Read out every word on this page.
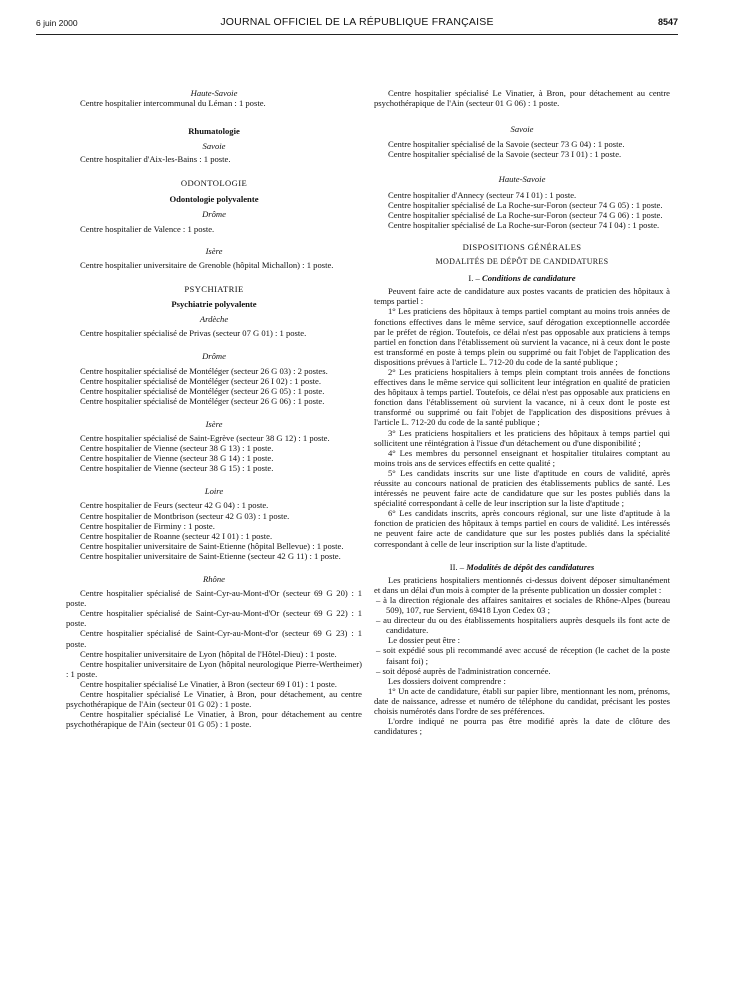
6 juin 2000	JOURNAL OFFICIEL DE LA RÉPUBLIQUE FRANÇAISE	8547
Haute-Savoie

Centre hospitalier intercommunal du Léman : 1 poste.

Rhumatologie
Savoie

Centre hospitalier d'Aix-les-Bains : 1 poste.

ODONTOLOGIE
Odontologie polyvalente
Drôme

Centre hospitalier de Valence : 1 poste.

Isère

Centre hospitalier universitaire de Grenoble (hôpital Michallon) : 1 poste.

PSYCHIATRIE
Psychiatrie polyvalente
Ardèche

Centre hospitalier spécialisé de Privas (secteur 07 G 01) : 1 poste.

Drôme

Centre hospitalier spécialisé de Montéléger (secteur 26 G 03) : 2 postes.

Centre hospitalier spécialisé de Montéléger (secteur 26 I 02) : 1 poste.

Centre hospitalier spécialisé de Montéléger (secteur 26 G 05) : 1 poste.

Centre hospitalier spécialisé de Montéléger (secteur 26 G 06) : 1 poste.

Isère

Centre hospitalier spécialisé de Saint-Egrève (secteur 38 G 12) : 1 poste.

Centre hospitalier de Vienne (secteur 38 G 13) : 1 poste.

Centre hospitalier de Vienne (secteur 38 G 14) : 1 poste.

Centre hospitalier de Vienne (secteur 38 G 15) : 1 poste.

Loire

Centre hospitalier de Feurs (secteur 42 G 04) : 1 poste.

Centre hospitalier de Montbrison (secteur 42 G 03) : 1 poste.

Centre hospitalier de Firminy : 1 poste.

Centre hospitalier de Roanne (secteur 42 I 01) : 1 poste.

Centre hospitalier universitaire de Saint-Etienne (hôpital Bellevue) : 1 poste.

Centre hospitalier universitaire de Saint-Etienne (secteur 42 G 11) : 1 poste.

Rhône

Centre hospitalier spécialisé de Saint-Cyr-au-Mont-d'Or (secteur 69 G 20) : 1 poste.

Centre hospitalier spécialisé de Saint-Cyr-au-Mont-d'Or (secteur 69 G 22) : 1 poste.

Centre hospitalier spécialisé de Saint-Cyr-au-Mont-d'or (secteur 69 G 23) : 1 poste.

Centre hospitalier universitaire de Lyon (hôpital de l'Hôtel-Dieu) : 1 poste.

Centre hospitalier universitaire de Lyon (hôpital neurologique Pierre-Wertheimer) : 1 poste.

Centre hospitalier spécialisé Le Vinatier, à Bron (secteur 69 I 01) : 1 poste.

Centre hospitalier spécialisé Le Vinatier, à Bron, pour détachement, au centre psychothérapique de l'Ain (secteur 01 G 02) : 1 poste.

Centre hospitalier spécialisé Le Vinatier, à Bron, pour détachement au centre psychothérapique de l'Ain (secteur 01 G 05) : 1 poste.

Centre hospitalier spécialisé Le Vinatier, à Bron, pour détachement au centre psychothérapique de l'Ain (secteur 01 G 06) : 1 poste.

Savoie

Centre hospitalier spécialisé de la Savoie (secteur 73 G 04) : 1 poste.

Centre hospitalier spécialisé de la Savoie (secteur 73 I 01) : 1 poste.

Haute-Savoie

Centre hospitalier d'Annecy (secteur 74 I 01) : 1 poste.

Centre hospitalier spécialisé de La Roche-sur-Foron (secteur 74 G 05) : 1 poste.

Centre hospitalier spécialisé de La Roche-sur-Foron (secteur 74 G 06) : 1 poste.

Centre hospitalier spécialisé de La Roche-sur-Foron (secteur 74 I 04) : 1 poste.

DISPOSITIONS GÉNÉRALES
MODALITÉS DE DÉPÔT DE CANDIDATURES
I. – Conditions de candidature

Peuvent faire acte de candidature aux postes vacants de praticien des hôpitaux à temps partiel :

1° Les praticiens des hôpitaux à temps partiel comptant au moins trois années de fonctions effectives dans le même service, sauf dérogation exceptionnelle accordée par le préfet de région. Toutefois, ce délai n'est pas opposable aux praticiens à temps partiel en fonction dans l'établissement où survient la vacance, ni à ceux dont le poste est transformé en poste à temps plein ou supprimé ou fait l'objet de l'application des dispositions prévues à l'article L. 712-20 du code de la santé publique ;

2° Les praticiens hospitaliers à temps plein comptant trois années de fonctions effectives dans le même service qui sollicitent leur intégration en qualité de praticien des hôpitaux à temps partiel. Toutefois, ce délai n'est pas opposable aux praticiens en fonction dans l'établissement où survient la vacance, ni à ceux dont le poste est transformé ou supprimé ou fait l'objet de l'application des dispositions prévues à l'article L. 712-20 du code de la santé publique ;

3° Les praticiens hospitaliers et les praticiens des hôpitaux à temps partiel qui sollicitent une réintégration à l'issue d'un détachement ou d'une disponibilité ;

4° Les membres du personnel enseignant et hospitalier titulaires comptant au moins trois ans de services effectifs en cette qualité ;

5° Les candidats inscrits sur une liste d'aptitude en cours de validité, après réussite au concours national de praticien des établissements publics de santé. Les intéressés ne peuvent faire acte de candidature que sur les postes publiés dans la spécialité correspondant à celle de leur inscription sur la liste d'aptitude ;

6° Les candidats inscrits, après concours régional, sur une liste d'aptitude à la fonction de praticien des hôpitaux à temps partiel en cours de validité. Les intéressés ne peuvent faire acte de candidature que sur les postes publiés dans la spécialité correspondant à celle de leur inscription sur la liste d'aptitude.

II. – Modalités de dépôt des candidatures

Les praticiens hospitaliers mentionnés ci-dessus doivent déposer simultanément et dans un délai d'un mois à compter de la présente publication un dossier complet :

– à la direction régionale des affaires sanitaires et sociales de Rhône-Alpes (bureau 509), 107, rue Servient, 69418 Lyon Cedex 03 ;
– au directeur du ou des établissements hospitaliers auprès desquels ils font acte de candidature.

Le dossier peut être :

– soit expédié sous pli recommandé avec accusé de réception (le cachet de la poste faisant foi) ;
– soit déposé auprès de l'administration concernée.

Les dossiers doivent comprendre :

1° Un acte de candidature, établi sur papier libre, mentionnant les nom, prénoms, date de naissance, adresse et numéro de téléphone du candidat, précisant les postes choisis numérotés dans l'ordre de ses préférences.

L'ordre indiqué ne pourra pas être modifié après la date de clôture des candidatures ;
